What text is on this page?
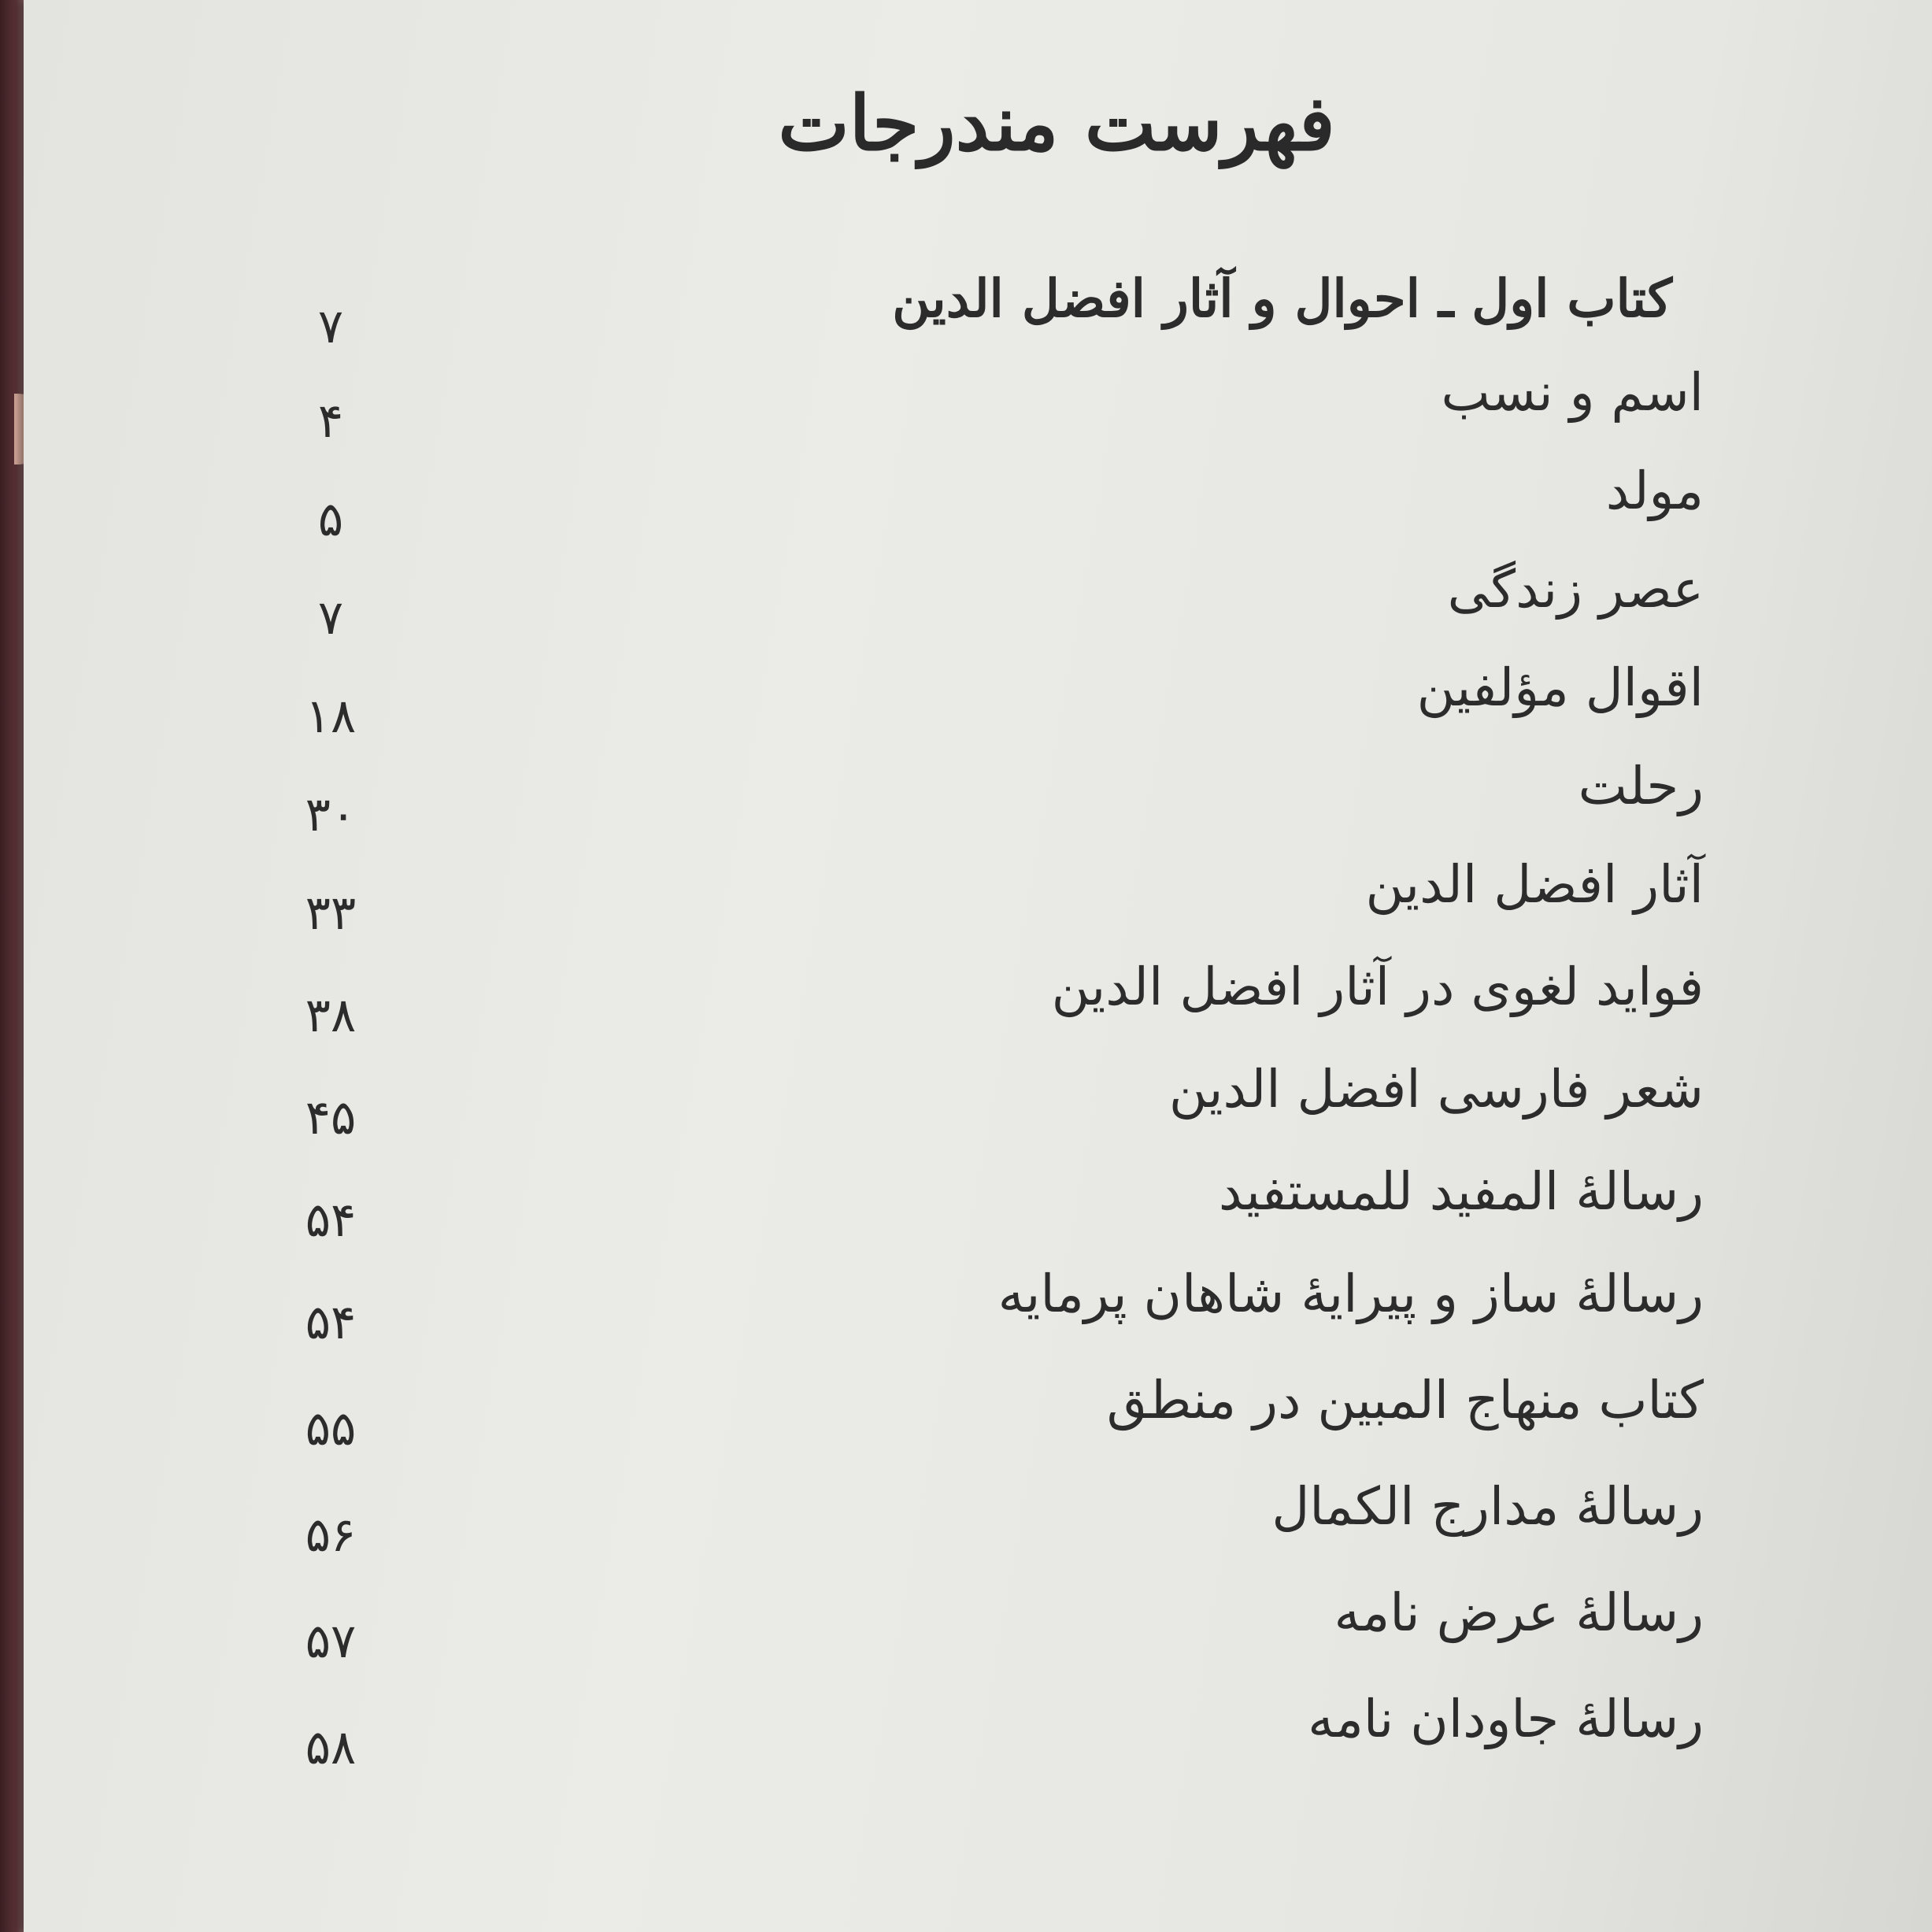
فهرست مندرجات
کتاب اول ـ احوال و آثار افضل الدین
۷
اسم و نسب
۴
مولد
۵
عصر زندگی
۷
اقوال مؤلفین
۱۸
رحلت
۳۰
آثار افضل الدین
۳۳
فواید لغوی در آثار افضل الدین
۳۸
شعر فارسی افضل الدین
۴۵
رسالهٔ المفید للمستفید
۵۴
رسالهٔ ساز و پیرایهٔ شاهان پرمایه
۵۴
کتاب منهاج المبین در منطق
۵۵
رسالهٔ مدارج الکمال
۵۶
رسالهٔ عرض نامه
۵۷
رسالهٔ جاودان نامه
۵۸
